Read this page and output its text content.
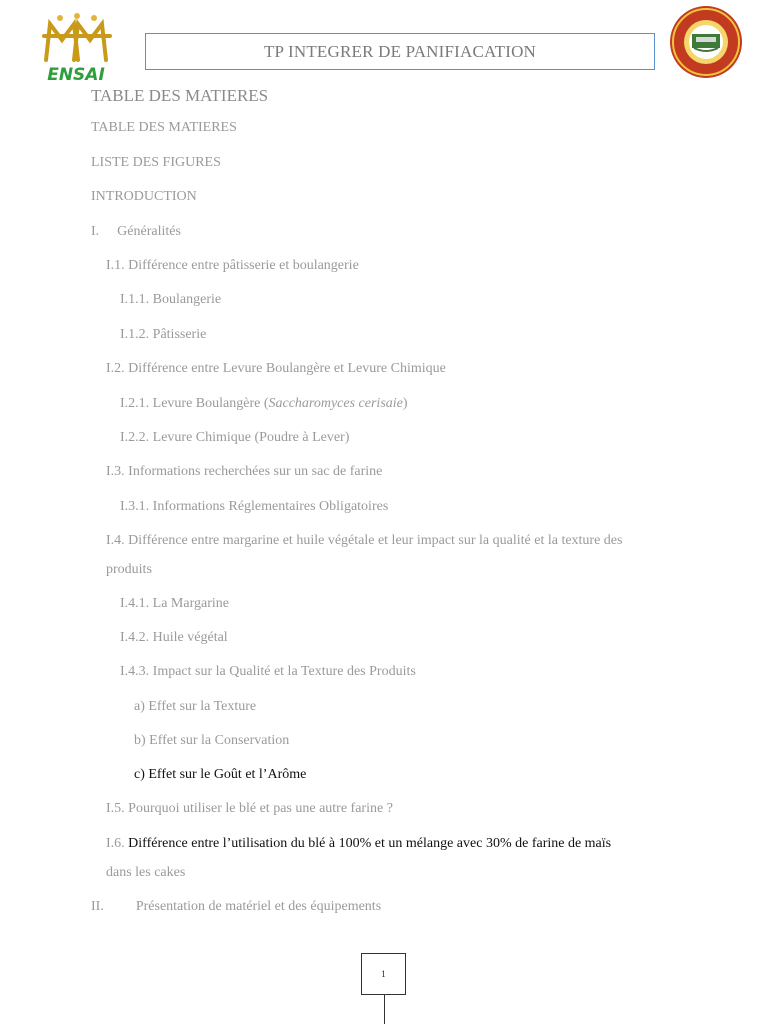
ENSAI
TP INTEGRER DE PANIFIACATION
TABLE DES MATIERES
TABLE DES MATIERES
LISTE DES FIGURES
INTRODUCTION
I. Généralités
I.1. Différence entre pâtisserie et boulangerie
I.1.1. Boulangerie
I.1.2. Pâtisserie
I.2. Différence entre Levure Boulangère et Levure Chimique
I.2.1. Levure Boulangère (Saccharomyces cerisaie)
I.2.2. Levure Chimique (Poudre à Lever)
I.3. Informations recherchées sur un sac de farine
I.3.1. Informations Réglementaires Obligatoires
I.4. Différence entre margarine et huile végétale et leur impact sur la qualité et la texture des
produits
I.4.1. La Margarine
I.4.2. Huile végétal
I.4.3. Impact sur la Qualité et la Texture des Produits
a) Effet sur la Texture
b) Effet sur la Conservation
c) Effet sur le Goût et l’Arôme
I.5. Pourquoi utiliser le blé et pas une autre farine ?
I.6. Différence entre l’utilisation du blé à 100% et un mélange avec 30% de farine de maïs
dans les cakes
II. Présentation de matériel et des équipements
1
